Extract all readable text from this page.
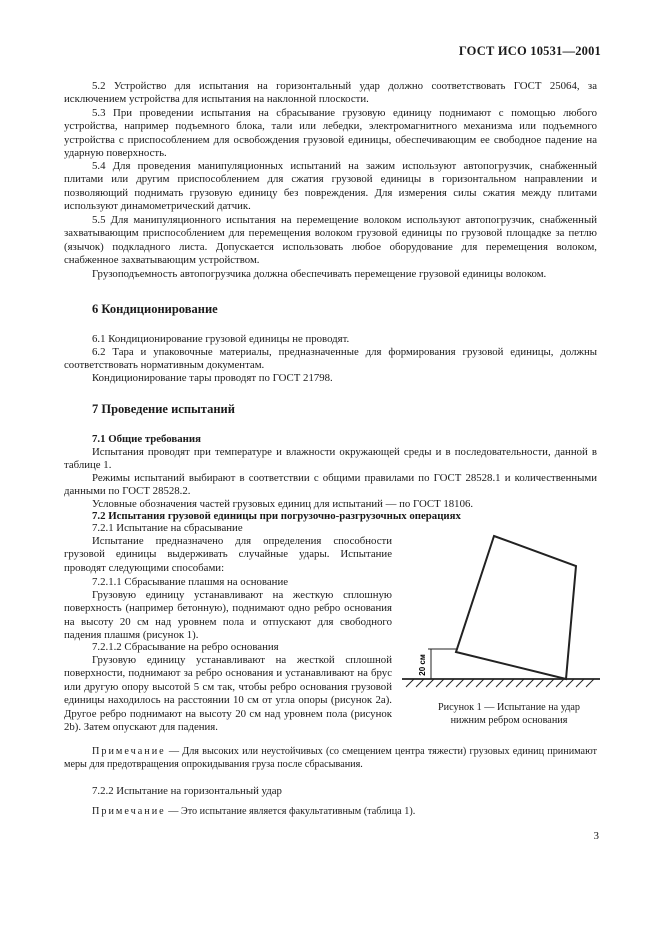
ГОСТ ИСО 10531—2001

5.2 Устройство для испытания на горизонтальный удар должно соответствовать ГОСТ 25064, за исключением устройства для испытания на наклонной плоскости.

5.3 При проведении испытания на сбрасывание грузовую единицу поднимают с помощью любого устройства, например подъемного блока, тали или лебедки, электромагнитного механизма или подъемного устройства с приспособлением для освобождения грузовой единицы, обеспечивающим ее свободное падение на ударную поверхность.

5.4 Для проведения манипуляционных испытаний на зажим используют автопогрузчик, снабженный плитами или другим приспособлением для сжатия грузовой единицы в горизонтальном направлении и позволяющий поднимать грузовую единицу без повреждения. Для измерения силы сжатия между плитами используют динамометрический датчик.

5.5 Для манипуляционного испытания на перемещение волоком используют автопогрузчик, снабженный захватывающим приспособлением для перемещения волоком грузовой единицы по грузовой площадке за петлю (язычок) подкладного листа. Допускается использовать любое оборудование для перемещения волоком, снабженное захватывающим устройством.

Грузоподъемность автопогрузчика должна обеспечивать перемещение грузовой единицы волоком.

6 Кондиционирование

6.1 Кондиционирование грузовой единицы не проводят.

6.2 Тара и упаковочные материалы, предназначенные для формирования грузовой единицы, должны соответствовать нормативным документам.

Кондиционирование тары проводят по ГОСТ 21798.

7 Проведение испытаний
7.1 Общие требования

Испытания проводят при температуре и влажности окружающей среды и в последовательности, данной в таблице 1.

Режимы испытаний выбирают в соответствии с общими правилами по ГОСТ 28528.1 и количественными данными по ГОСТ 28528.2.

Условные обозначения частей грузовых единиц для испытаний — по ГОСТ 18106.

7.2 Испытания грузовой единицы при погрузочно-разгрузочных операциях

7.2.1 Испытание на сбрасывание

Испытание предназначено для определения способности грузовой единицы выдерживать случайные удары. Испытание проводят следующими способами:

7.2.1.1 Сбрасывание плашмя на основание

Грузовую единицу устанавливают на жесткую сплошную поверхность (например бетонную), поднимают одно ребро основания на высоту 20 см над уровнем пола и отпускают для свободного падения плашмя (рисунок 1).

7.2.1.2 Сбрасывание на ребро основания

Грузовую единицу устанавливают на жесткой сплошной поверхности, поднимают за ребро основания и устанавливают на брус или другую опору высотой 5 см так, чтобы ребро основания грузовой единицы находилось на расстоянии 10 см от угла опоры (рисунок 2a). Другое ребро поднимают на высоту 20 см над уровнем пола (рисунок 2b). Затем опускают для падения.

20 см
Рисунок 1 — Испытание на удар нижним ребром основания

Примечание — Для высоких или неустойчивых (со смещением центра тяжести) грузовых единиц принимают меры для предотвращения опрокидывания груза после сбрасывания.

7.2.2 Испытание на горизонтальный удар

Примечание — Это испытание является факультативным (таблица 1).

3
